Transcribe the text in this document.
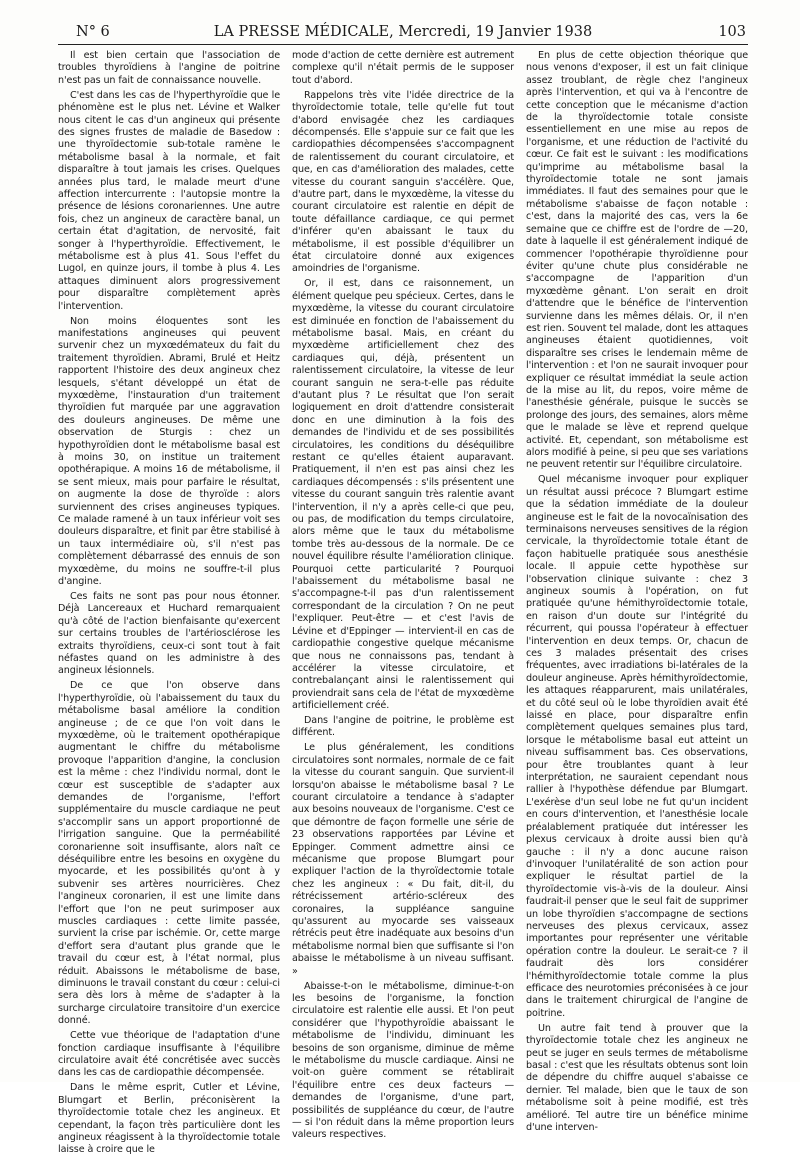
N° 6	LA PRESSE MÉDICALE, Mercredi, 19 Janvier 1938	103

Il est bien certain que l'association de troubles thyroïdiens à l'angine de poitrine n'est pas un fait de connaissance nouvelle.

C'est dans les cas de l'hyperthyroïdie que le phénomène est le plus net. Lévine et Walker nous citent le cas d'un angineux qui présente des signes frustes de maladie de Basedow : une thyroïdectomie sub-totale ramène le métabolisme basal à la normale, et fait disparaître à tout jamais les crises. Quelques années plus tard, le malade meurt d'une affection intercurrente : l'autopsie montre la présence de lésions coronariennes. Une autre fois, chez un angineux de caractère banal, un certain état d'agitation, de nervosité, fait songer à l'hyperthyroïdie. Effectivement, le métabolisme est à plus 41. Sous l'effet du Lugol, en quinze jours, il tombe à plus 4. Les attaques diminuent alors progressivement pour disparaître complètement après l'intervention.

Non moins éloquentes sont les manifestations angineuses qui peuvent survenir chez un myxœdémateux du fait du traitement thyroïdien. Abrami, Brulé et Heitz rapportent l'histoire des deux angineux chez lesquels, s'étant développé un état de myxœdème, l'instauration d'un traitement thyroïdien fut marquée par une aggravation des douleurs angineuses. De même une observation de Sturgis : chez un hypothyroïdien dont le métabolisme basal est à moins 30, on institue un traitement opothérapique. A moins 16 de métabolisme, il se sent mieux, mais pour parfaire le résultat, on augmente la dose de thyroïde : alors surviennent des crises angineuses typiques. Ce malade ramené à un taux inférieur voit ses douleurs disparaître, et finit par être stabilisé à un taux intermédiaire où, s'il n'est pas complètement débarrassé des ennuis de son myxœdème, du moins ne souffre-t-il plus d'angine.

Ces faits ne sont pas pour nous étonner. Déjà Lancereaux et Huchard remarquaient qu'à côté de l'action bienfaisante qu'exercent sur certains troubles de l'artériosclérose les extraits thyroïdiens, ceux-ci sont tout à fait néfastes quand on les administre à des angineux lésionnels.

De ce que l'on observe dans l'hyperthyroïdie, où l'abaissement du taux du métabolisme basal améliore la condition angineuse ; de ce que l'on voit dans le myxœdème, où le traitement opothérapique augmentant le chiffre du métabolisme provoque l'apparition d'angine, la conclusion est la même : chez l'individu normal, dont le cœur est susceptible de s'adapter aux demandes de l'organisme, l'effort supplémentaire du muscle cardiaque ne peut s'accomplir sans un apport proportionné de l'irrigation sanguine. Que la perméabilité coronarienne soit insuffisante, alors naît ce déséquilibre entre les besoins en oxygène du myocarde, et les possibilités qu'ont à y subvenir ses artères nourricières. Chez l'angineux coronarien, il est une limite dans l'effort que l'on ne peut surimposer aux muscles cardiaques : cette limite passée, survient la crise par ischémie. Or, cette marge d'effort sera d'autant plus grande que le travail du cœur est, à l'état normal, plus réduit. Abaissons le métabolisme de base, diminuons le travail constant du cœur : celui-ci sera dès lors à même de s'adapter à la surcharge circulatoire transitoire d'un exercice donné.

Cette vue théorique de l'adaptation d'une fonction cardiaque insuffisante à l'équilibre circulatoire avait été concrétisée avec succès dans les cas de cardiopathie décompensée.

Dans le même esprit, Cutler et Lévine, Blumgart et Berlin, préconisèrent la thyroïdectomie totale chez les angineux. Et cependant, la façon très particulière dont les angineux réagissent à la thyroïdectomie totale laisse à croire que le

mode d'action de cette dernière est autrement complexe qu'il n'était permis de le supposer tout d'abord.

Rappelons très vite l'idée directrice de la thyroïdectomie totale, telle qu'elle fut tout d'abord envisagée chez les cardiaques décompensés. Elle s'appuie sur ce fait que les cardiopathies décompensées s'accompagnent de ralentissement du courant circulatoire, et que, en cas d'amélioration des malades, cette vitesse du courant sanguin s'accélère. Que, d'autre part, dans le myxœdème, la vitesse du courant circulatoire est ralentie en dépit de toute défaillance cardiaque, ce qui permet d'inférer qu'en abaissant le taux du métabolisme, il est possible d'équilibrer un état circulatoire donné aux exigences amoindries de l'organisme.

Or, il est, dans ce raisonnement, un élément quelque peu spécieux. Certes, dans le myxœdème, la vitesse du courant circulatoire est diminuée en fonction de l'abaissement du métabolisme basal. Mais, en créant du myxœdème artificiellement chez des cardiaques qui, déjà, présentent un ralentissement circulatoire, la vitesse de leur courant sanguin ne sera-t-elle pas réduite d'autant plus ? Le résultat que l'on serait logiquement en droit d'attendre consisterait donc en une diminution à la fois des demandes de l'individu et de ses possibilités circulatoires, les conditions du déséquilibre restant ce qu'elles étaient auparavant. Pratiquement, il n'en est pas ainsi chez les cardiaques décompensés : s'ils présentent une vitesse du courant sanguin très ralentie avant l'intervention, il n'y a après celle-ci que peu, ou pas, de modification du temps circulatoire, alors même que le taux du métabolisme tombe très au-dessous de la normale. De ce nouvel équilibre résulte l'amélioration clinique. Pourquoi cette particularité ? Pourquoi l'abaissement du métabolisme basal ne s'accompagne-t-il pas d'un ralentissement correspondant de la circulation ? On ne peut l'expliquer. Peut-être — et c'est l'avis de Lévine et d'Eppinger — intervient-il en cas de cardiopathie congestive quelque mécanisme que nous ne connaissons pas, tendant à accélérer la vitesse circulatoire, et contrebalançant ainsi le ralentissement qui proviendrait sans cela de l'état de myxœdème artificiellement créé.

Dans l'angine de poitrine, le problème est différent.

Le plus généralement, les conditions circulatoires sont normales, normale de ce fait la vitesse du courant sanguin. Que survient-il lorsqu'on abaisse le métabolisme basal ? Le courant circulatoire a tendance à s'adapter aux besoins nouveaux de l'organisme. C'est ce que démontre de façon formelle une série de 23 observations rapportées par Lévine et Eppinger. Comment admettre ainsi ce mécanisme que propose Blumgart pour expliquer l'action de la thyroïdectomie totale chez les angineux : « Du fait, dit-il, du rétrécissement artério-scléreux des coronaires, la suppléance sanguine qu'assurent au myocarde ses vaisseaux rétrécis peut être inadéquate aux besoins d'un métabolisme normal bien que suffisante si l'on abaisse le métabolisme à un niveau suffisant. »

Abaisse-t-on le métabolisme, diminue-t-on les besoins de l'organisme, la fonction circulatoire est ralentie elle aussi. Et l'on peut considérer que l'hypothyroïdie abaissant le métabolisme de l'individu, diminuant les besoins de son organisme, diminue de même le métabolisme du muscle cardiaque. Ainsi ne voit-on guère comment se rétablirait l'équilibre entre ces deux facteurs — demandes de l'organisme, d'une part, possibilités de suppléance du cœur, de l'autre — si l'on réduit dans la même proportion leurs valeurs respectives.

En plus de cette objection théorique que nous venons d'exposer, il est un fait clinique assez troublant, de règle chez l'angineux après l'intervention, et qui va à l'encontre de cette conception que le mécanisme d'action de la thyroïdectomie totale consiste essentiellement en une mise au repos de l'organisme, et une réduction de l'activité du cœur. Ce fait est le suivant : les modifications qu'imprime au métabolisme basal la thyroïdectomie totale ne sont jamais immédiates. Il faut des semaines pour que le métabolisme s'abaisse de façon notable : c'est, dans la majorité des cas, vers la 6e semaine que ce chiffre est de l'ordre de —20, date à laquelle il est généralement indiqué de commencer l'opothérapie thyroïdienne pour éviter qu'une chute plus considérable ne s'accompagne de l'apparition d'un myxœdème gênant. L'on serait en droit d'attendre que le bénéfice de l'intervention survienne dans les mêmes délais. Or, il n'en est rien. Souvent tel malade, dont les attaques angineuses étaient quotidiennes, voit disparaître ses crises le lendemain même de l'intervention : et l'on ne saurait invoquer pour expliquer ce résultat immédiat la seule action de la mise au lit, du repos, voire même de l'anesthésie générale, puisque le succès se prolonge des jours, des semaines, alors même que le malade se lève et reprend quelque activité. Et, cependant, son métabolisme est alors modifié à peine, si peu que ses variations ne peuvent retentir sur l'équilibre circulatoire.

Quel mécanisme invoquer pour expliquer un résultat aussi précoce ? Blumgart estime que la sédation immédiate de la douleur angineuse est le fait de la novocaïnisation des terminaisons nerveuses sensitives de la région cervicale, la thyroïdectomie totale étant de façon habituelle pratiquée sous anesthésie locale. Il appuie cette hypothèse sur l'observation clinique suivante : chez 3 angineux soumis à l'opération, on fut pratiquée qu'une hémithyroïdectomie totale, en raison d'un doute sur l'intégrité du récurrent, qui poussa l'opérateur à effectuer l'intervention en deux temps. Or, chacun de ces 3 malades présentait des crises fréquentes, avec irradiations bi-latérales de la douleur angineuse. Après hémithyroïdectomie, les attaques réapparurent, mais unilatérales, et du côté seul où le lobe thyroïdien avait été laissé en place, pour disparaître enfin complètement quelques semaines plus tard, lorsque le métabolisme basal eut atteint un niveau suffisamment bas. Ces observations, pour être troublantes quant à leur interprétation, ne sauraient cependant nous rallier à l'hypothèse défendue par Blumgart. L'exérèse d'un seul lobe ne fut qu'un incident en cours d'intervention, et l'anesthésie locale préalablement pratiquée dut intéresser les plexus cervicaux à droite aussi bien qu'à gauche : il n'y a donc aucune raison d'invoquer l'unilatéralité de son action pour expliquer le résultat partiel de la thyroïdectomie vis-à-vis de la douleur. Ainsi faudrait-il penser que le seul fait de supprimer un lobe thyroïdien s'accompagne de sections nerveuses des plexus cervicaux, assez importantes pour représenter une véritable opération contre la douleur. Le serait-ce ? il faudrait dès lors considérer l'hémithyroïdectomie totale comme la plus efficace des neurotomies préconisées à ce jour dans le traitement chirurgical de l'angine de poitrine.

Un autre fait tend à prouver que la thyroïdectomie totale chez les angineux ne peut se juger en seuls termes de métabolisme basal : c'est que les résultats obtenus sont loin de dépendre du chiffre auquel s'abaisse ce dernier. Tel malade, bien que le taux de son métabolisme soit à peine modifié, est très amélioré. Tel autre tire un bénéfice minime d'une interven-
